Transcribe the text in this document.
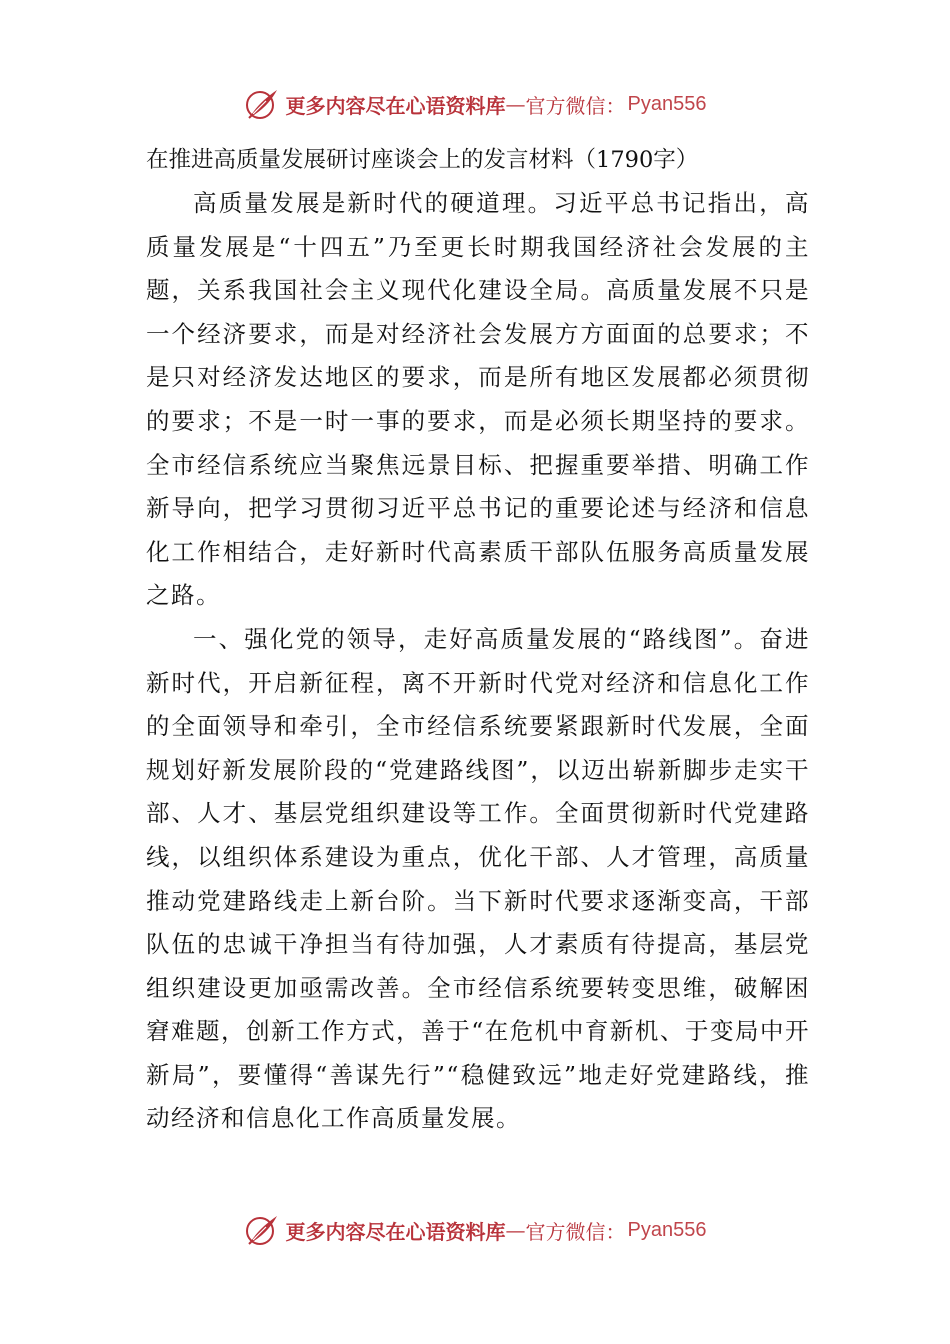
更多内容尽在心语资料库 — 官方微信： Pyan556
在推进高质量发展研讨座谈会上的发言材料（1790字）

高质量发展是新时代的硬道理。习近平总书记指出，高质量发展是“十四五”乃至更长时期我国经济社会发展的主题，关系我国社会主义现代化建设全局。高质量发展不只是一个经济要求，而是对经济社会发展方方面面的总要求；不是只对经济发达地区的要求，而是所有地区发展都必须贯彻的要求；不是一时一事的要求，而是必须长期坚持的要求。全市经信系统应当聚焦远景目标、把握重要举措、明确工作新导向，把学习贯彻习近平总书记的重要论述与经济和信息化工作相结合，走好新时代高素质干部队伍服务高质量发展之路。

一、强化党的领导，走好高质量发展的“路线图”。奋进新时代，开启新征程，离不开新时代党对经济和信息化工作的全面领导和牵引，全市经信系统要紧跟新时代发展，全面规划好新发展阶段的“党建路线图”，以迈出崭新脚步走实干部、人才、基层党组织建设等工作。全面贯彻新时代党建路线，以组织体系建设为重点，优化干部、人才管理，高质量推动党建路线走上新台阶。当下新时代要求逐渐变高，干部队伍的忠诚干净担当有待加强，人才素质有待提高，基层党组织建设更加亟需改善。全市经信系统要转变思维，破解困窘难题，创新工作方式，善于“在危机中育新机、于变局中开新局”，要懂得“善谋先行”“稳健致远”地走好党建路线，推动经济和信息化工作高质量发展。

更多内容尽在心语资料库 — 官方微信： Pyan556
